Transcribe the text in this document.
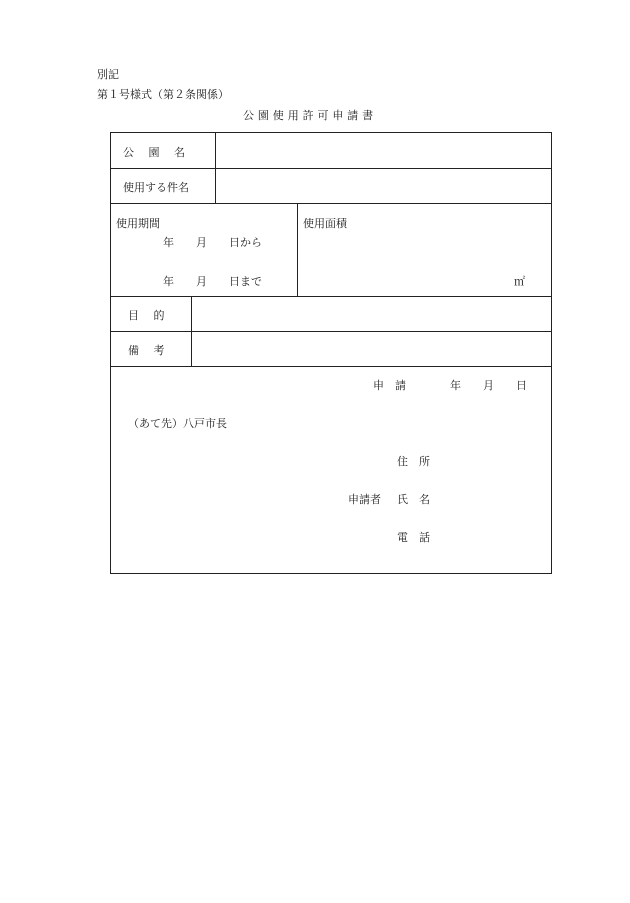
別記
第１号様式（第２条関係）
公 園 使 用 許 可 申 請 書
公　 園　 名
使用する件名
使用期間
年　　月　　日から
年　　月　　日まで
使用面積
㎡
目　 的
備　 考
申　請　　　　年　　月　　日
（あて先）八戸市長
住　所
申請者 氏　名
電　話
